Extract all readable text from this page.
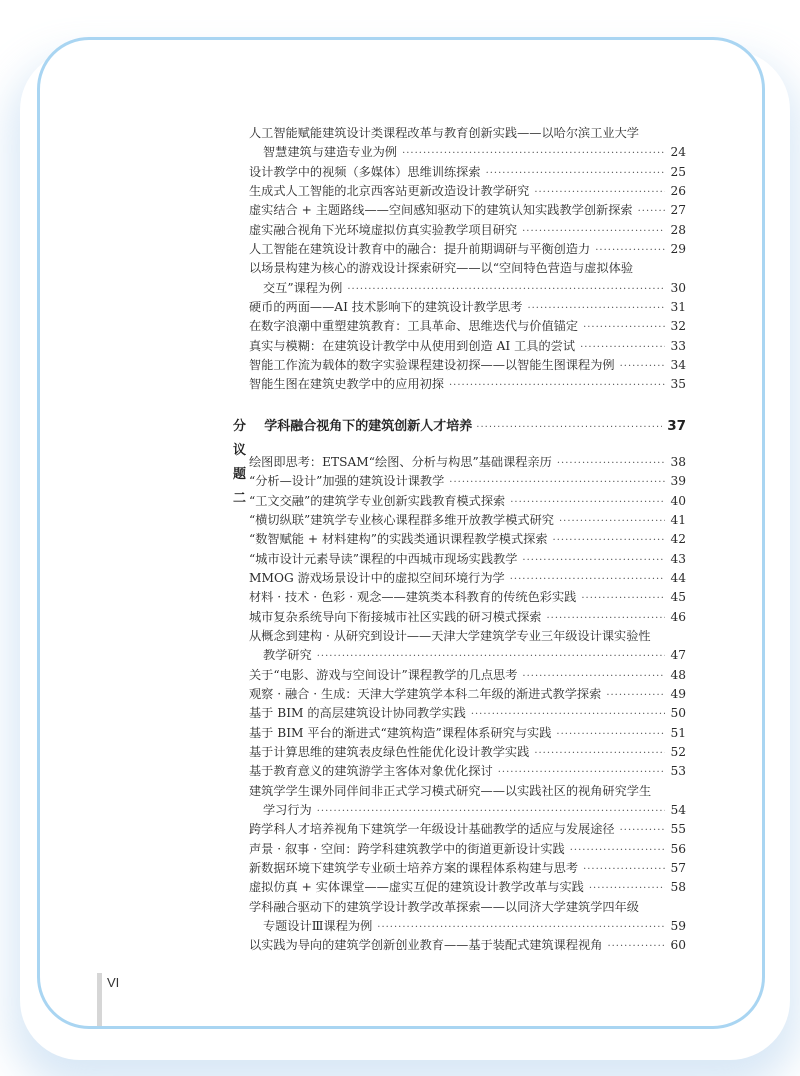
人工智能赋能建筑设计类课程改革与教育创新实践——以哈尔滨工业大学
智慧建筑与建造专业为例 ·····	24
设计教学中的视频（多媒体）思维训练探索 ·····	25
生成式人工智能的北京西客站更新改造设计教学研究 ·····	26
虚实结合 + 主题路线——空间感知驱动下的建筑认知实践教学创新探索 ·····	27
虚实融合视角下光环境虚拟仿真实验教学项目研究 ·····	28
人工智能在建筑设计教育中的融合：提升前期调研与平衡创造力 ·····	29
以场景构建为核心的游戏设计探索研究——以“空间特色营造与虚拟体验
交互”课程为例 ·····	30
硬币的两面——AI 技术影响下的建筑设计教学思考 ·····	31
在数字浪潮中重塑建筑教育：工具革命、思维迭代与价值锚定 ·····	32
真实与模糊：在建筑设计教学中从使用到创造 AI 工具的尝试 ·····	33
智能工作流为载体的数字实验课程建设初探——以智能生图课程为例 ·····	34
智能生图在建筑史教学中的应用初探 ·····	35
分议题二
学科融合视角下的建筑创新人才培养 ·····	37
绘图即思考：ETSAM“绘图、分析与构思”基础课程亲历 ·····	38
“分析—设计”加强的建筑设计课教学 ·····	39
“工文交融”的建筑学专业创新实践教育模式探索 ·····	40
“横切纵联”建筑学专业核心课程群多维开放教学模式研究 ·····	41
“数智赋能 + 材料建构”的实践类通识课程教学模式探索 ·····	42
“城市设计元素导读”课程的中西城市现场实践教学 ·····	43
MMOG 游戏场景设计中的虚拟空间环境行为学 ·····	44
材料 · 技术 · 色彩 · 观念——建筑类本科教育的传统色彩实践 ·····	45
城市复杂系统导向下衔接城市社区实践的研习模式探索 ·····	46
从概念到建构 · 从研究到设计——天津大学建筑学专业三年级设计课实验性
教学研究 ·····	47
关于“电影、游戏与空间设计”课程教学的几点思考 ·····	48
观察 · 融合 · 生成：天津大学建筑学本科二年级的渐进式教学探索 ·····	49
基于 BIM 的高层建筑设计协同教学实践 ·····	50
基于 BIM 平台的渐进式“建筑构造”课程体系研究与实践 ·····	51
基于计算思维的建筑表皮绿色性能优化设计教学实践 ·····	52
基于教育意义的建筑游学主客体对象优化探讨 ·····	53
建筑学学生课外同伴间非正式学习模式研究——以实践社区的视角研究学生
学习行为 ·····	54
跨学科人才培养视角下建筑学一年级设计基础教学的适应与发展途径 ·····	55
声景 · 叙事 · 空间：跨学科建筑教学中的街道更新设计实践 ·····	56
新数据环境下建筑学专业硕士培养方案的课程体系构建与思考 ·····	57
虚拟仿真 + 实体课堂——虚实互促的建筑设计教学改革与实践 ·····	58
学科融合驱动下的建筑学设计教学改革探索——以同济大学建筑学四年级
专题设计Ⅲ课程为例 ·····	59
以实践为导向的建筑学创新创业教育——基于装配式建筑课程视角 ·····	60
VI
